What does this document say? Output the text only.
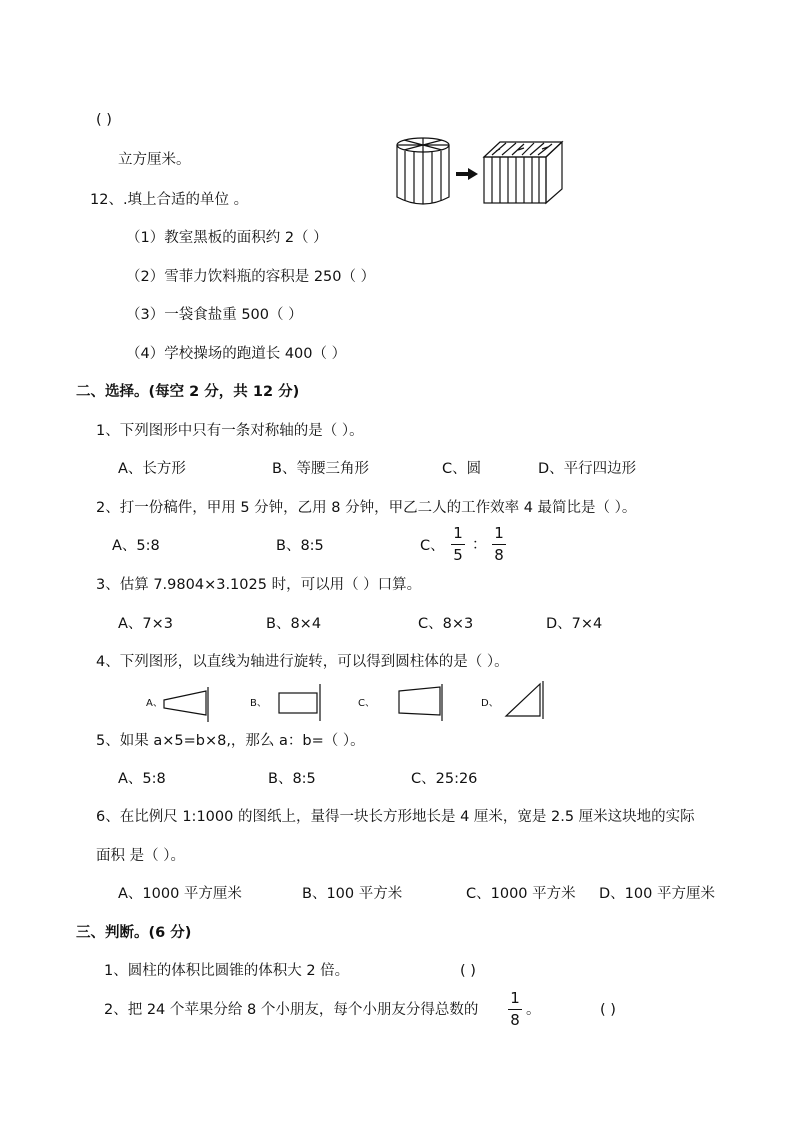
( )
立方厘米。
12、.填上合适的单位 。
（1）教室黑板的面积约 2（ ）
（2）雪菲力饮料瓶的容积是 250（ ）
（3）一袋食盐重 500（ ）
（4）学校操场的跑道长 400（ ）
二、选择。(每空 2 分，共 12 分)
1、下列图形中只有一条对称轴的是（ ）。
A、长方形	B、等腰三角形	C、圆	D、平行四边形
2、打一份稿件，甲用 5 分钟，乙用 8 分钟，甲乙二人的工作效率 4 最简比是（ ）。
A、5:8	B、8:5	C、
1
5
：
1
8
3、估算 7.9804×3.1025 时，可以用（ ）口算。
A、7×3	B、8×4	C、8×3	D、7×4
4、下列图形，以直线为轴进行旋转，可以得到圆柱体的是（ ）。
A、	B、	C、	D、
5、如果 a×5=b×8,，那么 a：b=（ ）。
A、5:8	B、8:5	C、25:26
6、在比例尺 1:1000 的图纸上，量得一块长方形地长是 4 厘米，宽是 2.5 厘米这块地的实际
面积 是（ ）。
A、1000 平方厘米	B、100 平方米	C、1000 平方米 D、100 平方厘米
三、判断。(6 分)
1、圆柱的体积比圆锥的体积大 2 倍。	( )
2、把 24 个苹果分给 8 个小朋友，每个小朋友分得总数的
1
8
。	( )
